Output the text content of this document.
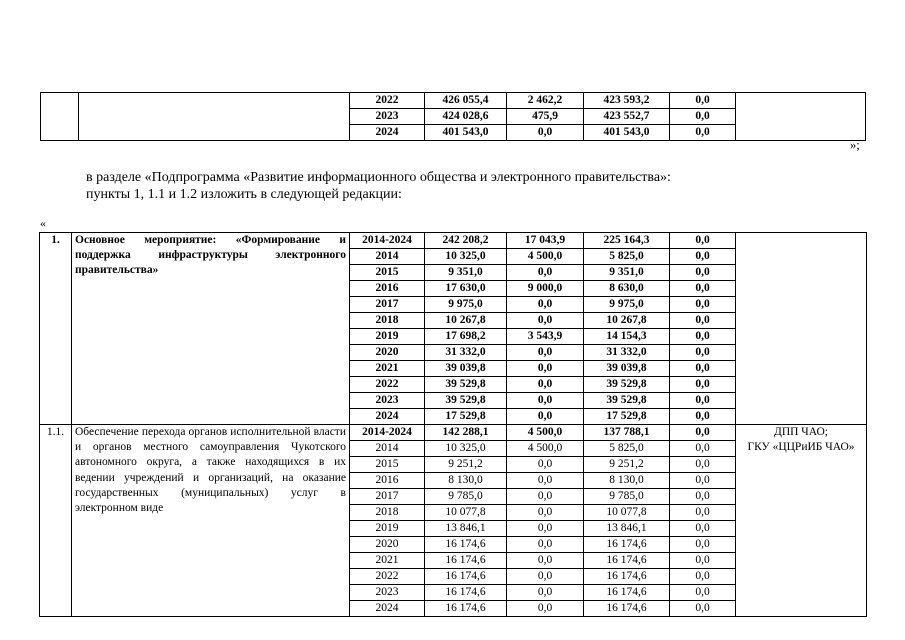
		2022	426 055,4	2 462,2	423 593,2	0,0	
		2023	424 028,6	475,9	423 552,7	0,0	
		2024	401 543,0	0,0	401 543,0	0,0	
»;
в разделе «Подпрограмма «Развитие информационного общества и электронного правительства»:
пункты 1, 1.1 и 1.2 изложить в следующей редакции:
«
1.	Основное мероприятие: «Формирование и поддержка инфраструктуры электронного правительства»	2014-2024	242 208,2	17 043,9	225 164,3	0,0	
		2014	10 325,0	4 500,0	5 825,0	0,0	
		2015	9 351,0	0,0	9 351,0	0,0	
		2016	17 630,0	9 000,0	8 630,0	0,0	
		2017	9 975,0	0,0	9 975,0	0,0	
		2018	10 267,8	0,0	10 267,8	0,0	
		2019	17 698,2	3 543,9	14 154,3	0,0	
		2020	31 332,0	0,0	31 332,0	0,0	
		2021	39 039,8	0,0	39 039,8	0,0	
		2022	39 529,8	0,0	39 529,8	0,0	
		2023	39 529,8	0,0	39 529,8	0,0	
		2024	17 529,8	0,0	17 529,8	0,0	
1.1.	Обеспечение перехода органов исполнительной власти и органов местного самоуправления Чукотского автономного округа, а также находящихся в их ведении учреждений и организаций, на оказание государственных (муниципальных) услуг в электронном виде	2014-2024	142 288,1	4 500,0	137 788,1	0,0	ДПП ЧАО;
ГКУ «ЦЦРиИБ ЧАО»

		2014	10 325,0	4 500,0	5 825,0	0,0	
		2015	9 251,2	0,0	9 251,2	0,0	
		2016	8 130,0	0,0	8 130,0	0,0	
		2017	9 785,0	0,0	9 785,0	0,0	
		2018	10 077,8	0,0	10 077,8	0,0	
		2019	13 846,1	0,0	13 846,1	0,0	
		2020	16 174,6	0,0	16 174,6	0,0	
		2021	16 174,6	0,0	16 174,6	0,0	
		2022	16 174,6	0,0	16 174,6	0,0	
		2023	16 174,6	0,0	16 174,6	0,0	
		2024	16 174,6	0,0	16 174,6	0,0	
